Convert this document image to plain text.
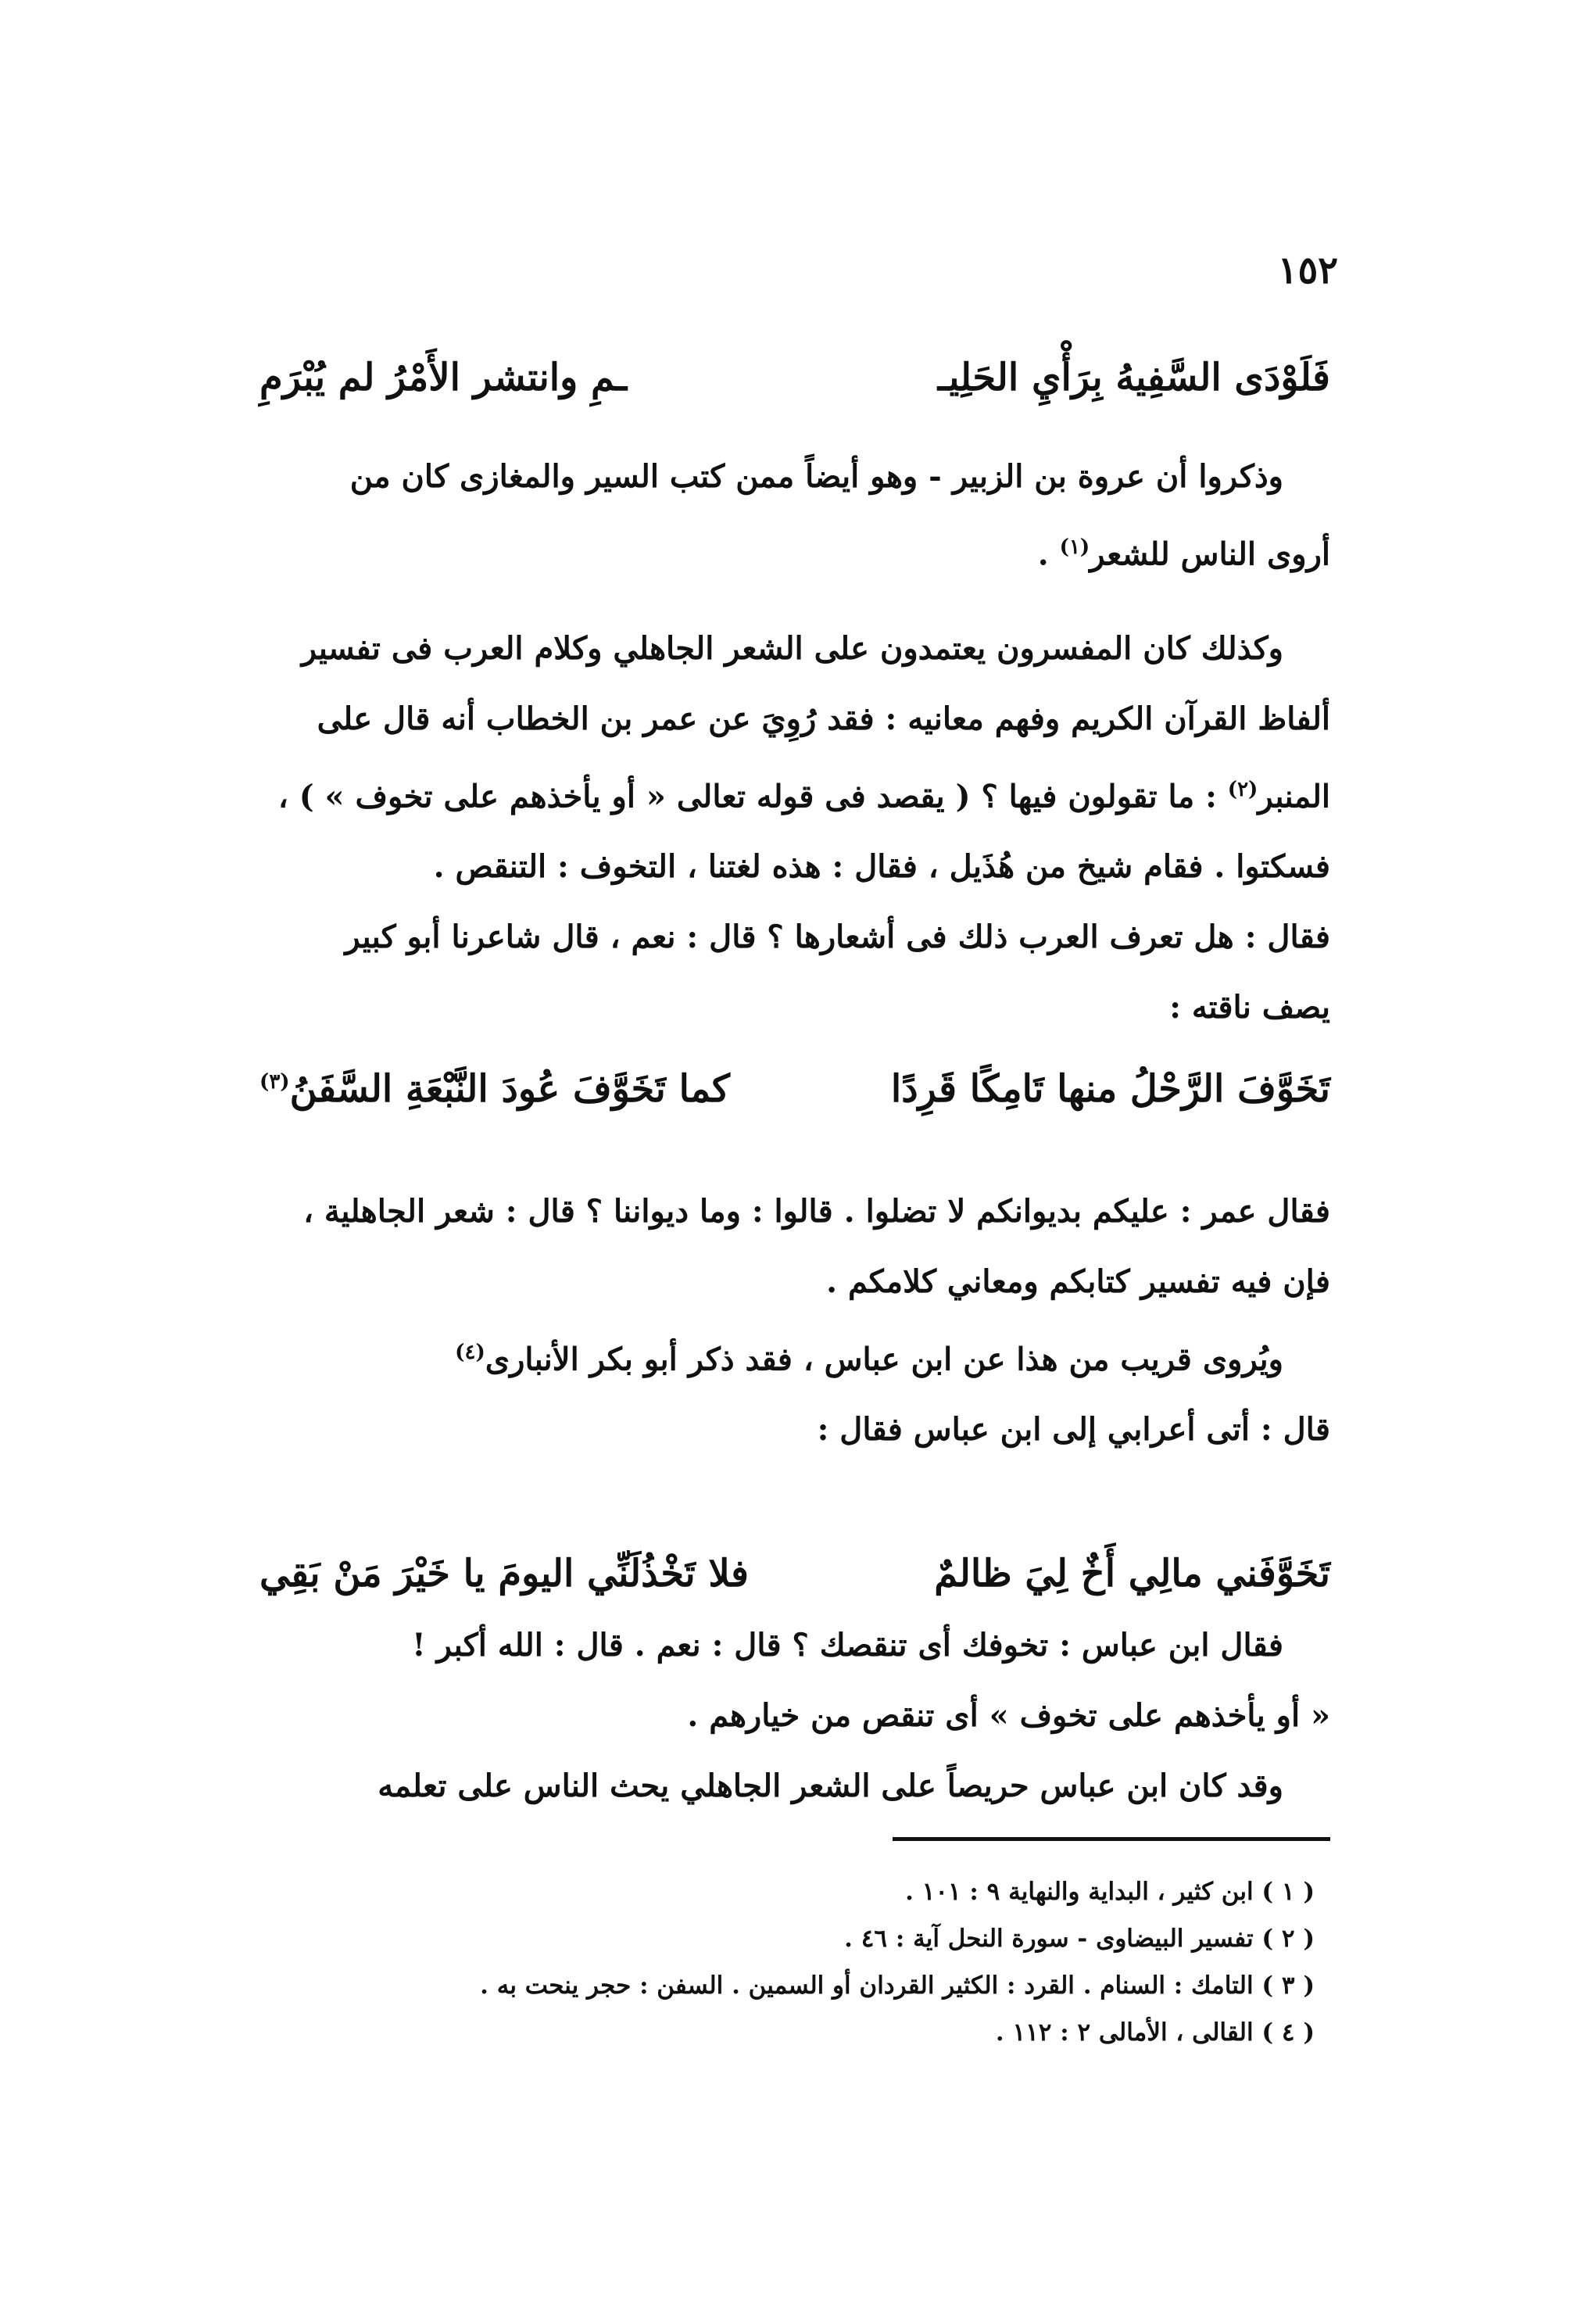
١٥٢
فَلَوْدَى السَّفِيهُ بِرَأْيِ الحَلِيـ
ـمِ وانتشر الأَمْرُ لم يُبْرَمِ
وذكروا أن عروة بن الزبير - وهو أيضاً ممن كتب السير والمغازى كان من
أروى الناس للشعر$^{(١)}$ .
وكذلك كان المفسرون يعتمدون على الشعر الجاهلي وكلام العرب فى تفسير
ألفاظ القرآن الكريم وفهم معانيه : فقد رُوِيَ عن عمر بن الخطاب أنه قال على
المنبر$^{(٢)}$ : ما تقولون فيها ؟ ( يقصد فى قوله تعالى « أو يأخذهم على تخوف » ) ،
فسكتوا . فقام شيخ من هُذَيل ، فقال : هذه لغتنا ، التخوف : التنقص .
فقال : هل تعرف العرب ذلك فى أشعارها ؟ قال : نعم ، قال شاعرنا أبو كبير
يصف ناقته :
تَخَوَّفَ الرَّحْلُ منها تَامِكًا قَرِدًا
كما تَخَوَّفَ عُودَ النَّبْعَةِ السَّفَنُ$^{(٣)}$
فقال عمر : عليكم بديوانكم لا تضلوا . قالوا : وما ديواننا ؟ قال : شعر الجاهلية ،
فإن فيه تفسير كتابكم ومعاني كلامكم .
ويُروى قريب من هذا عن ابن عباس ، فقد ذكر أبو بكر الأنبارى$^{(٤)}$
قال : أتى أعرابي إلى ابن عباس فقال :
تَخَوَّفَني مالِي أَخٌ لِيَ ظالمٌ
فلا تَخْذُلَنِّي اليومَ يا خَيْرَ مَنْ بَقِي
فقال ابن عباس : تخوفك أى تنقصك ؟ قال : نعم . قال : الله أكبر !
« أو يأخذهم على تخوف » أى تنقص من خيارهم .
وقد كان ابن عباس حريصاً على الشعر الجاهلي يحث الناس على تعلمه
( ١ ) ابن كثير ، البداية والنهاية ٩ : ١٠١ .
( ٢ ) تفسير البيضاوى - سورة النحل آية : ٤٦ .
( ٣ ) التامك : السنام . القرد : الكثير القردان أو السمين . السفن : حجر ينحت به .
( ٤ ) القالى ، الأمالى ٢ : ١١٢ .
